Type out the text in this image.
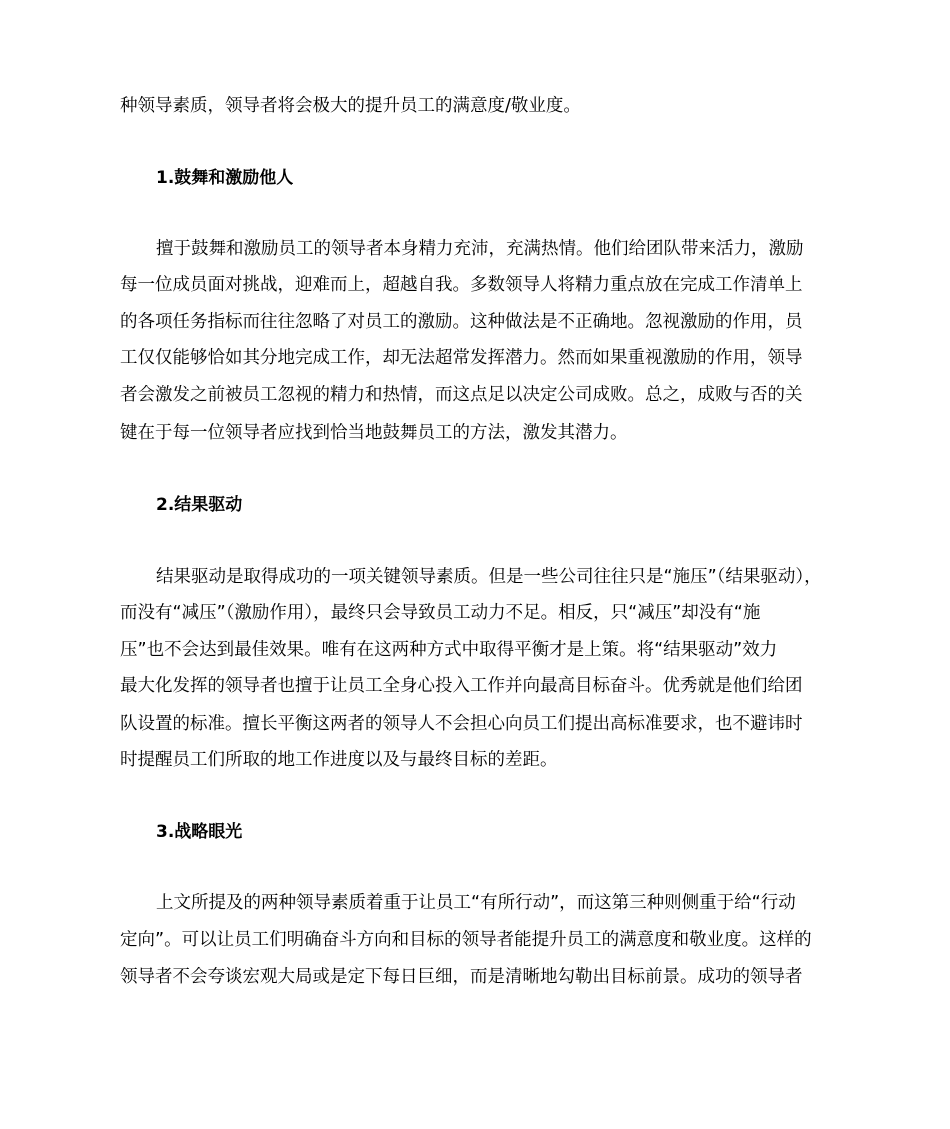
种领导素质，领导者将会极大的提升员工的满意度/敬业度。
1.鼓舞和激励他人
擅于鼓舞和激励员工的领导者本身精力充沛，充满热情。他们给团队带来活力，激励
每一位成员面对挑战，迎难而上，超越自我。多数领导人将精力重点放在完成工作清单上
的各项任务指标而往往忽略了对员工的激励。这种做法是不正确地。忽视激励的作用，员
工仅仅能够恰如其分地完成工作，却无法超常发挥潜力。然而如果重视激励的作用，领导
者会激发之前被员工忽视的精力和热情，而这点足以决定公司成败。总之，成败与否的关
键在于每一位领导者应找到恰当地鼓舞员工的方法，激发其潜力。
2.结果驱动
结果驱动是取得成功的一项关键领导素质。但是一些公司往往只是“施压”（结果驱动），
而没有“减压”（激励作用），最终只会导致员工动力不足。相反，只“减压”却没有“施
压”也不会达到最佳效果。唯有在这两种方式中取得平衡才是上策。将“结果驱动”效力
最大化发挥的领导者也擅于让员工全身心投入工作并向最高目标奋斗。优秀就是他们给团
队设置的标准。擅长平衡这两者的领导人不会担心向员工们提出高标准要求，也不避讳时
时提醒员工们所取的地工作进度以及与最终目标的差距。
3.战略眼光
上文所提及的两种领导素质着重于让员工“有所行动”，而这第三种则侧重于给“行动
定向”。可以让员工们明确奋斗方向和目标的领导者能提升员工的满意度和敬业度。这样的
领导者不会夸谈宏观大局或是定下每日巨细，而是清晰地勾勒出目标前景。成功的领导者
